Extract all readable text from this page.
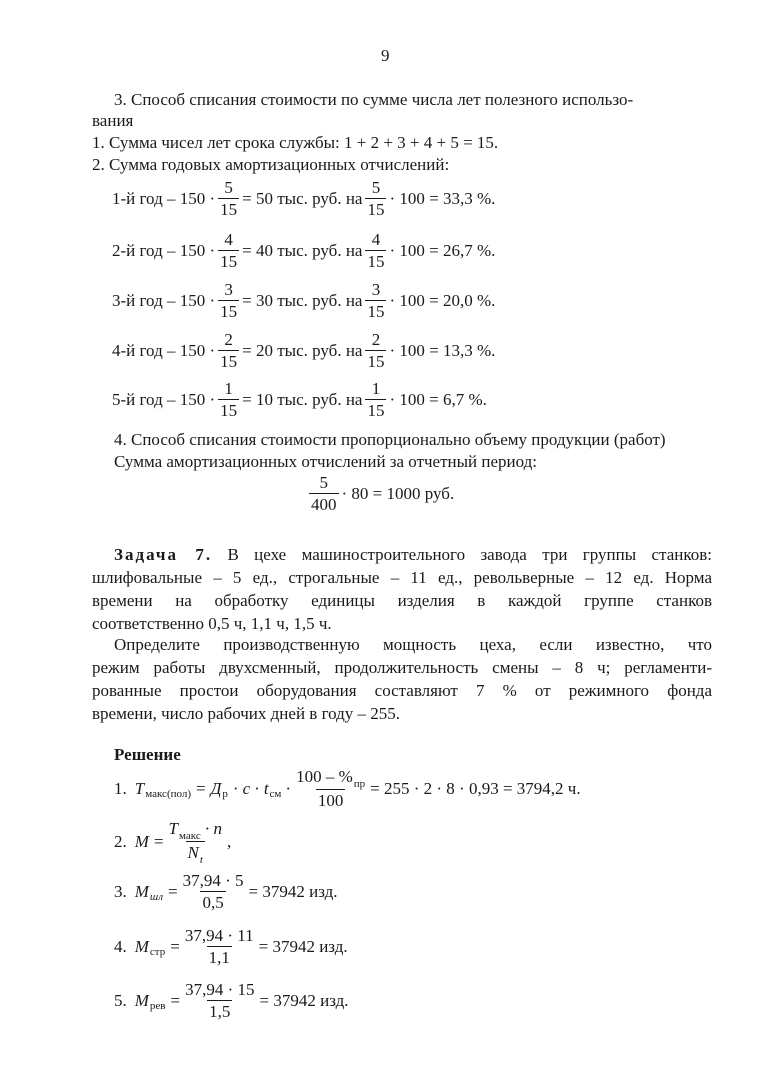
9
3. Способ списания стоимости по сумме числа лет полезного использо-
вания
1. Сумма чисел лет срока службы: 1 + 2 + 3 + 4 + 5 = 15.
2. Сумма годовых амортизационных отчислений:
1-й год – $150 \cdot \frac{5}{15} = 50$ тыс. руб. на $\frac{5}{15} \cdot 100 = 33,3$ %.
2-й год – $150 \cdot \frac{4}{15} = 40$ тыс. руб. на $\frac{4}{15} \cdot 100 = 26,7$ %.
3-й год – $150 \cdot \frac{3}{15} = 30$ тыс. руб. на $\frac{3}{15} \cdot 100 = 20,0$ %.
4-й год – $150 \cdot \frac{2}{15} = 20$ тыс. руб. на $\frac{2}{15} \cdot 100 = 13,3$ %.
5-й год – $150 \cdot \frac{1}{15} = 10$ тыс. руб. на $\frac{1}{15} \cdot 100 = 6,7$ %.
4. Способ списания стоимости пропорционально объему продукции (работ)
Сумма амортизационных отчислений за отчетный период:
$\frac{5}{400} \cdot 80 = 1000$ руб.
Задача 7. В цехе машиностроительного завода три группы станков:
шлифовальные – 5 ед., строгальные – 11 ед., револьверные – 12 ед. Норма
времени на обработку единицы изделия в каждой группе станков
соответственно 0,5 ч, 1,1 ч, 1,5 ч.
Определите производственную мощность цеха, если известно, что
режим работы двухсменный, продолжительность смены – 8 ч; регламенти-
рованные простои оборудования составляют 7 % от режимного фонда
времени, число рабочих дней в году – 255.
Решение
1. T макс(пол) = Д р · c · t см · $\frac{100 - \%_{пр}}{100} = 255 \cdot 2 \cdot 8 \cdot 0,93 = 3794,2$ ч.
2. $M = \frac{T_{макс} \cdot n}{N_t}$ ,
3. M шл = $\frac{37,94 \cdot 5}{0,5} = 37942$ изд.
4. M стр = $\frac{37,94 \cdot 11}{1,1} = 37942$ изд.
5. M рев = $\frac{37,94 \cdot 15}{1,5} = 37942$ изд.
